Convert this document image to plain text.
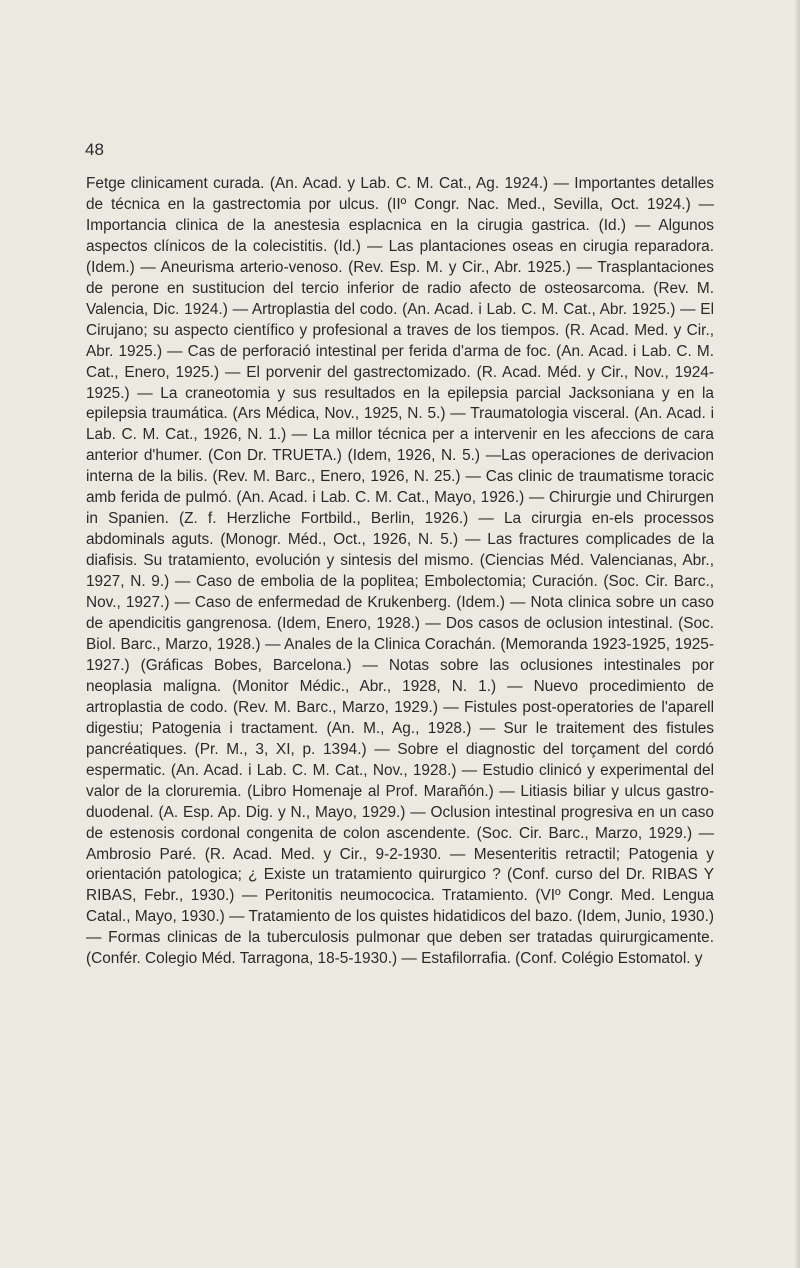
48

Fetge clinicament curada. (An. Acad. y Lab. C. M. Cat., Ag. 1924.) — Importantes detalles de técnica en la gastrectomia por ulcus. (IIº Congr. Nac. Med., Sevilla, Oct. 1924.) — Importancia clinica de la anestesia esplacnica en la cirugia gastrica. (Id.) — Algunos aspectos clínicos de la colecistitis. (Id.) — Las plantaciones oseas en cirugia reparadora. (Idem.) — Aneurisma arterio-venoso. (Rev. Esp. M. y Cir., Abr. 1925.) — Trasplantaciones de perone en sustitucion del tercio inferior de radio afecto de osteosarcoma. (Rev. M. Valencia, Dic. 1924.) — Artroplastia del codo. (An. Acad. i Lab. C. M. Cat., Abr. 1925.) — El Cirujano; su aspecto científico y profesional a traves de los tiempos. (R. Acad. Med. y Cir., Abr. 1925.) — Cas de perforació intestinal per ferida d'arma de foc. (An. Acad. i Lab. C. M. Cat., Enero, 1925.) — El porvenir del gastrectomizado. (R. Acad. Méd. y Cir., Nov., 1924-1925.) — La craneotomia y sus resultados en la epilepsia parcial Jacksoniana y en la epilepsia traumática. (Ars Médica, Nov., 1925, N. 5.) — Traumatologia visceral. (An. Acad. i Lab. C. M. Cat., 1926, N. 1.) — La millor técnica per a intervenir en les afeccions de cara anterior d'humer. (Con Dr. TRUETA.) (Idem, 1926, N. 5.) —Las operaciones de derivacion interna de la bilis. (Rev. M. Barc., Enero, 1926, N. 25.) — Cas clinic de traumatisme toracic amb ferida de pulmó. (An. Acad. i Lab. C. M. Cat., Mayo, 1926.) — Chirurgie und Chirurgen in Spanien. (Z. f. Herzliche Fortbild., Berlin, 1926.) — La cirurgia en-els processos abdominals aguts. (Monogr. Méd., Oct., 1926, N. 5.) — Las fractures complicades de la diafisis. Su tratamiento, evolución y sintesis del mismo. (Ciencias Méd. Valencianas, Abr., 1927, N. 9.) — Caso de embolia de la poplitea; Embolectomia; Curación. (Soc. Cir. Barc., Nov., 1927.) — Caso de enfermedad de Krukenberg. (Idem.) — Nota clinica sobre un caso de apendicitis gangrenosa. (Idem, Enero, 1928.) — Dos casos de oclusion intestinal. (Soc. Biol. Barc., Marzo, 1928.) — Anales de la Clinica Corachán. (Memoranda 1923-1925, 1925-1927.) (Gráficas Bobes, Barcelona.) — Notas sobre las oclusiones intestinales por neoplasia maligna. (Monitor Médic., Abr., 1928, N. 1.) — Nuevo procedimiento de artroplastia de codo. (Rev. M. Barc., Marzo, 1929.) — Fistules post-operatories de l'aparell digestiu; Patogenia i tractament. (An. M., Ag., 1928.) — Sur le traitement des fistules pancréatiques. (Pr. M., 3, XI, p. 1394.) — Sobre el diagnostic del torçament del cordó espermatic. (An. Acad. i Lab. C. M. Cat., Nov., 1928.) — Estudio clinicó y experimental del valor de la cloruremia. (Libro Homenaje al Prof. Marañón.) — Litiasis biliar y ulcus gastro-duodenal. (A. Esp. Ap. Dig. y N., Mayo, 1929.) — Oclusion intestinal progresiva en un caso de estenosis cordonal congenita de colon ascendente. (Soc. Cir. Barc., Marzo, 1929.) — Ambrosio Paré. (R. Acad. Med. y Cir., 9-2-1930. — Mesenteritis retractil; Patogenia y orientación patologica; ¿ Existe un tratamiento quirurgico ? (Conf. curso del Dr. RIBAS Y RIBAS, Febr., 1930.) — Peritonitis neumococica. Tratamiento. (VIº Congr. Med. Lengua Catal., Mayo, 1930.) — Tratamiento de los quistes hidatidicos del bazo. (Idem, Junio, 1930.) — Formas clinicas de la tuberculosis pulmonar que deben ser tratadas quirurgicamente. (Confér. Colegio Méd. Tarragona, 18-5-1930.) — Estafilorrafia. (Conf. Colégio Estomatol. y
